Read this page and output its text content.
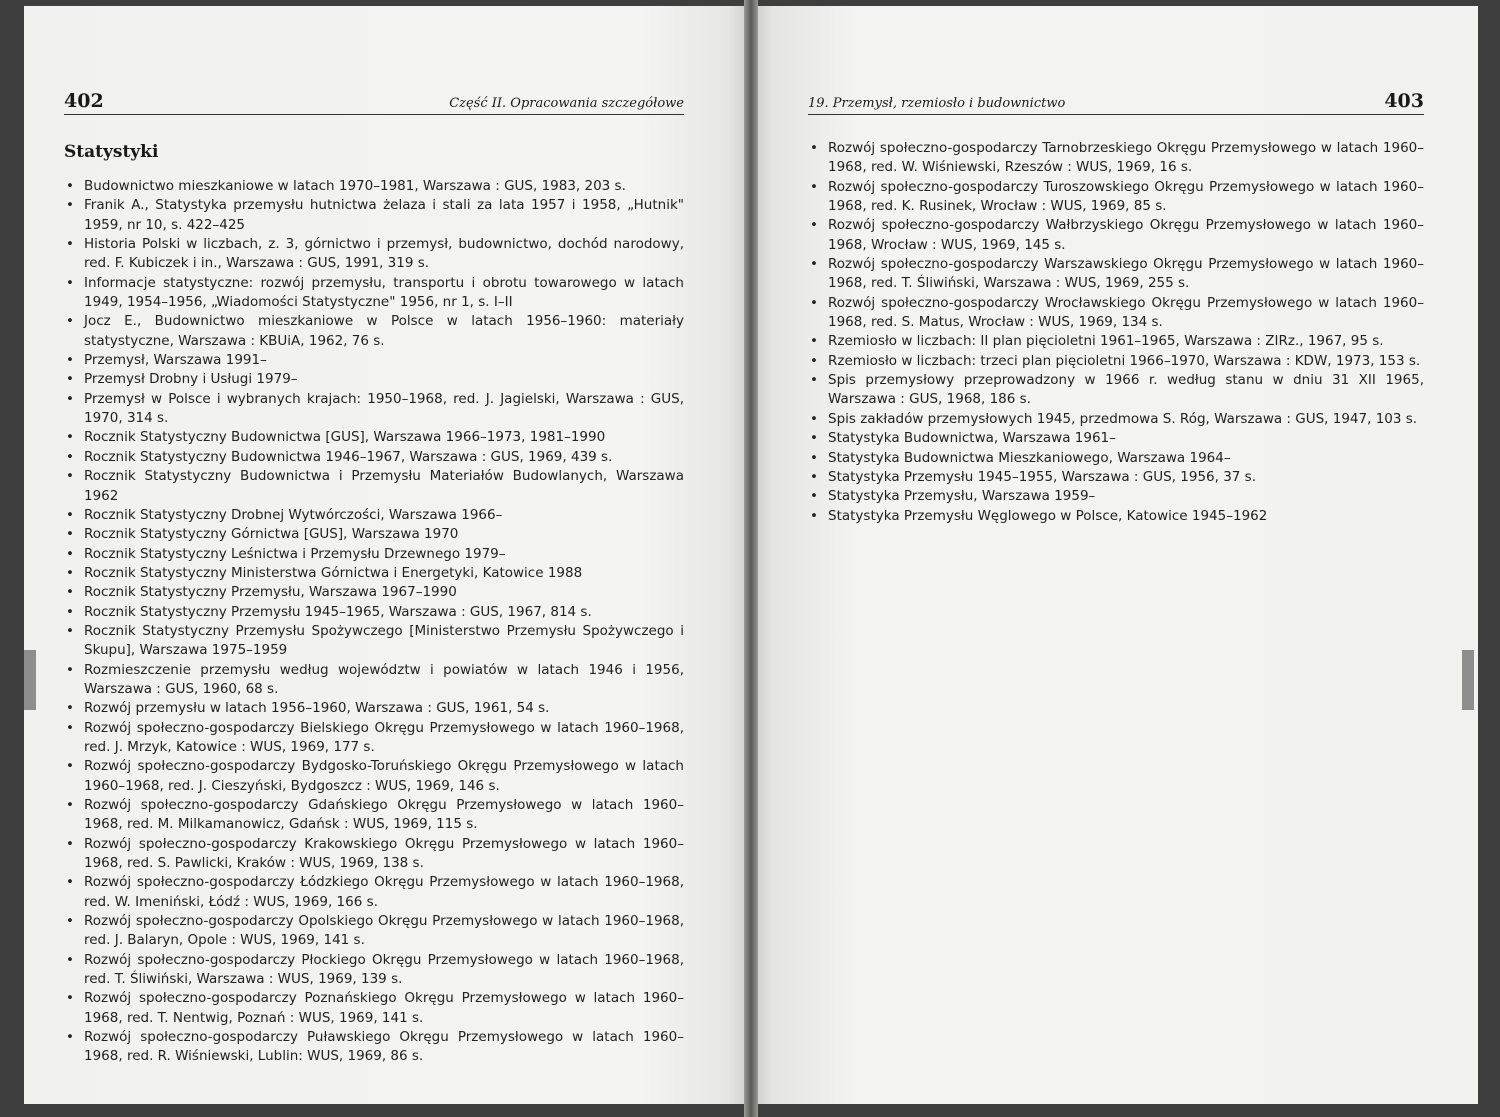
402	Część II. Opracowania szczegółowe	19. Przemysł, rzemiosło i budownictwo	403
Statystyki
• Budownictwo mieszkaniowe w latach 1970–1981, Warszawa : GUS, 1983, 203 s.
• Franik A., Statystyka przemysłu hutnictwa żelaza i stali za lata 1957 i 1958, „Hutnik" 1959, nr 10, s. 422–425
• Historia Polski w liczbach, z. 3, górnictwo i przemysł, budownictwo, dochód narodowy, red. F. Kubiczek i in., Warszawa : GUS, 1991, 319 s.
• Informacje statystyczne: rozwój przemysłu, transportu i obrotu towarowego w latach 1949, 1954–1956, „Wiadomości Statystyczne" 1956, nr 1, s. I–II
• Jocz E., Budownictwo mieszkaniowe w Polsce w latach 1956–1960: materiały statystyczne, Warszawa : KBUiA, 1962, 76 s.
• Przemysł, Warszawa 1991–
• Przemysł Drobny i Usługi 1979–
• Przemysł w Polsce i wybranych krajach: 1950–1968, red. J. Jagielski, Warszawa : GUS, 1970, 314 s.
• Rocznik Statystyczny Budownictwa [GUS], Warszawa 1966–1973, 1981–1990
• Rocznik Statystyczny Budownictwa 1946–1967, Warszawa : GUS, 1969, 439 s.
• Rocznik Statystyczny Budownictwa i Przemysłu Materiałów Budowlanych, Warszawa 1962
• Rocznik Statystyczny Drobnej Wytwórczości, Warszawa 1966–
• Rocznik Statystyczny Górnictwa [GUS], Warszawa 1970
• Rocznik Statystyczny Leśnictwa i Przemysłu Drzewnego 1979–
• Rocznik Statystyczny Ministerstwa Górnictwa i Energetyki, Katowice 1988
• Rocznik Statystyczny Przemysłu, Warszawa 1967–1990
• Rocznik Statystyczny Przemysłu 1945–1965, Warszawa : GUS, 1967, 814 s.
• Rocznik Statystyczny Przemysłu Spożywczego [Ministerstwo Przemysłu Spożywczego i Skupu], Warszawa 1975–1959
• Rozmieszczenie przemysłu według województw i powiatów w latach 1946 i 1956, Warszawa : GUS, 1960, 68 s.
• Rozwój przemysłu w latach 1956–1960, Warszawa : GUS, 1961, 54 s.
• Rozwój społeczno-gospodarczy Bielskiego Okręgu Przemysłowego w latach 1960–1968, red. J. Mrzyk, Katowice : WUS, 1969, 177 s.
• Rozwój społeczno-gospodarczy Bydgosko-Toruńskiego Okręgu Przemysłowego w latach 1960–1968, red. J. Cieszyński, Bydgoszcz : WUS, 1969, 146 s.
• Rozwój społeczno-gospodarczy Gdańskiego Okręgu Przemysłowego w latach 1960–1968, red. M. Milkamanowicz, Gdańsk : WUS, 1969, 115 s.
• Rozwój społeczno-gospodarczy Krakowskiego Okręgu Przemysłowego w latach 1960–1968, red. S. Pawlicki, Kraków : WUS, 1969, 138 s.
• Rozwój społeczno-gospodarczy Łódzkiego Okręgu Przemysłowego w latach 1960–1968, red. W. Imeniński, Łódź : WUS, 1969, 166 s.
• Rozwój społeczno-gospodarczy Opolskiego Okręgu Przemysłowego w latach 1960–1968, red. J. Balaryn, Opole : WUS, 1969, 141 s.
• Rozwój społeczno-gospodarczy Płockiego Okręgu Przemysłowego w latach 1960–1968, red. T. Śliwiński, Warszawa : WUS, 1969, 139 s.
• Rozwój społeczno-gospodarczy Poznańskiego Okręgu Przemysłowego w latach 1960–1968, red. T. Nentwig, Poznań : WUS, 1969, 141 s.
• Rozwój społeczno-gospodarczy Puławskiego Okręgu Przemysłowego w latach 1960–1968, red. R. Wiśniewski, Lublin: WUS, 1969, 86 s.
• Rozwój społeczno-gospodarczy Tarnobrzeskiego Okręgu Przemysłowego w latach 1960–1968, red. W. Wiśniewski, Rzeszów : WUS, 1969, 16 s.
• Rozwój społeczno-gospodarczy Turoszowskiego Okręgu Przemysłowego w latach 1960–1968, red. K. Rusinek, Wrocław : WUS, 1969, 85 s.
• Rozwój społeczno-gospodarczy Wałbrzyskiego Okręgu Przemysłowego w latach 1960–1968, Wrocław : WUS, 1969, 145 s.
• Rozwój społeczno-gospodarczy Warszawskiego Okręgu Przemysłowego w latach 1960–1968, red. T. Śliwiński, Warszawa : WUS, 1969, 255 s.
• Rozwój społeczno-gospodarczy Wrocławskiego Okręgu Przemysłowego w latach 1960–1968, red. S. Matus, Wrocław : WUS, 1969, 134 s.
• Rzemiosło w liczbach: II plan pięcioletni 1961–1965, Warszawa : ZIRz., 1967, 95 s.
• Rzemiosło w liczbach: trzeci plan pięcioletni 1966–1970, Warszawa : KDW, 1973, 153 s.
• Spis przemysłowy przeprowadzony w 1966 r. według stanu w dniu 31 XII 1965, Warszawa : GUS, 1968, 186 s.
• Spis zakładów przemysłowych 1945, przedmowa S. Róg, Warszawa : GUS, 1947, 103 s.
• Statystyka Budownictwa, Warszawa 1961–
• Statystyka Budownictwa Mieszkaniowego, Warszawa 1964–
• Statystyka Przemysłu 1945–1955, Warszawa : GUS, 1956, 37 s.
• Statystyka Przemysłu, Warszawa 1959–
• Statystyka Przemysłu Węglowego w Polsce, Katowice 1945–1962
